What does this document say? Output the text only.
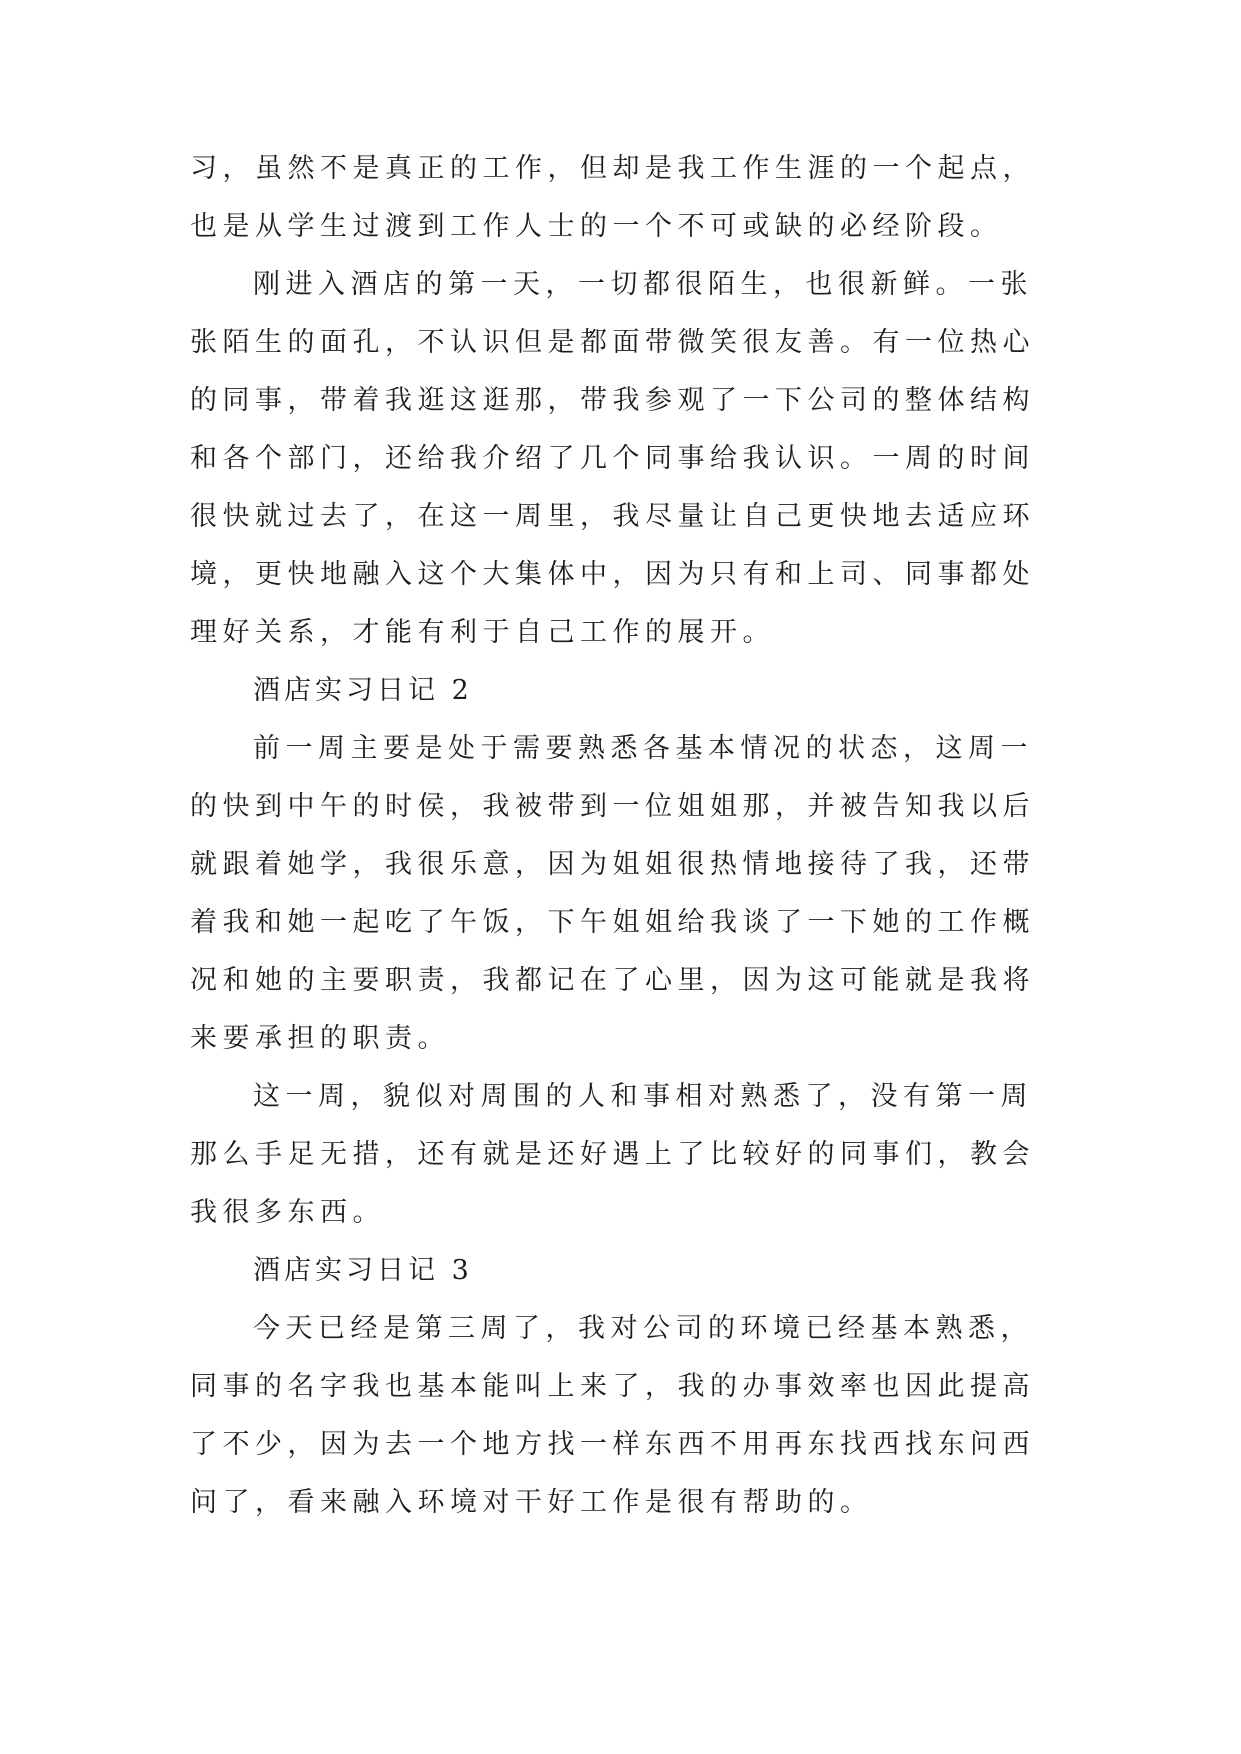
习，虽然不是真正的工作，但却是我工作生涯的一个起点，
也是从学生过渡到工作人士的一个不可或缺的必经阶段。
刚进入酒店的第一天，一切都很陌生，也很新鲜。一张
张陌生的面孔，不认识但是都面带微笑很友善。有一位热心
的同事，带着我逛这逛那，带我参观了一下公司的整体结构
和各个部门，还给我介绍了几个同事给我认识。一周的时间
很快就过去了，在这一周里，我尽量让自己更快地去适应环
境，更快地融入这个大集体中，因为只有和上司、同事都处
理好关系，才能有利于自己工作的展开。
酒店实习日记 2
前一周主要是处于需要熟悉各基本情况的状态，这周一
的快到中午的时侯，我被带到一位姐姐那，并被告知我以后
就跟着她学，我很乐意，因为姐姐很热情地接待了我，还带
着我和她一起吃了午饭，下午姐姐给我谈了一下她的工作概
况和她的主要职责，我都记在了心里，因为这可能就是我将
来要承担的职责。
这一周，貌似对周围的人和事相对熟悉了，没有第一周
那么手足无措，还有就是还好遇上了比较好的同事们，教会
我很多东西。
酒店实习日记 3
今天已经是第三周了，我对公司的环境已经基本熟悉，
同事的名字我也基本能叫上来了，我的办事效率也因此提高
了不少，因为去一个地方找一样东西不用再东找西找东问西
问了，看来融入环境对干好工作是很有帮助的。
